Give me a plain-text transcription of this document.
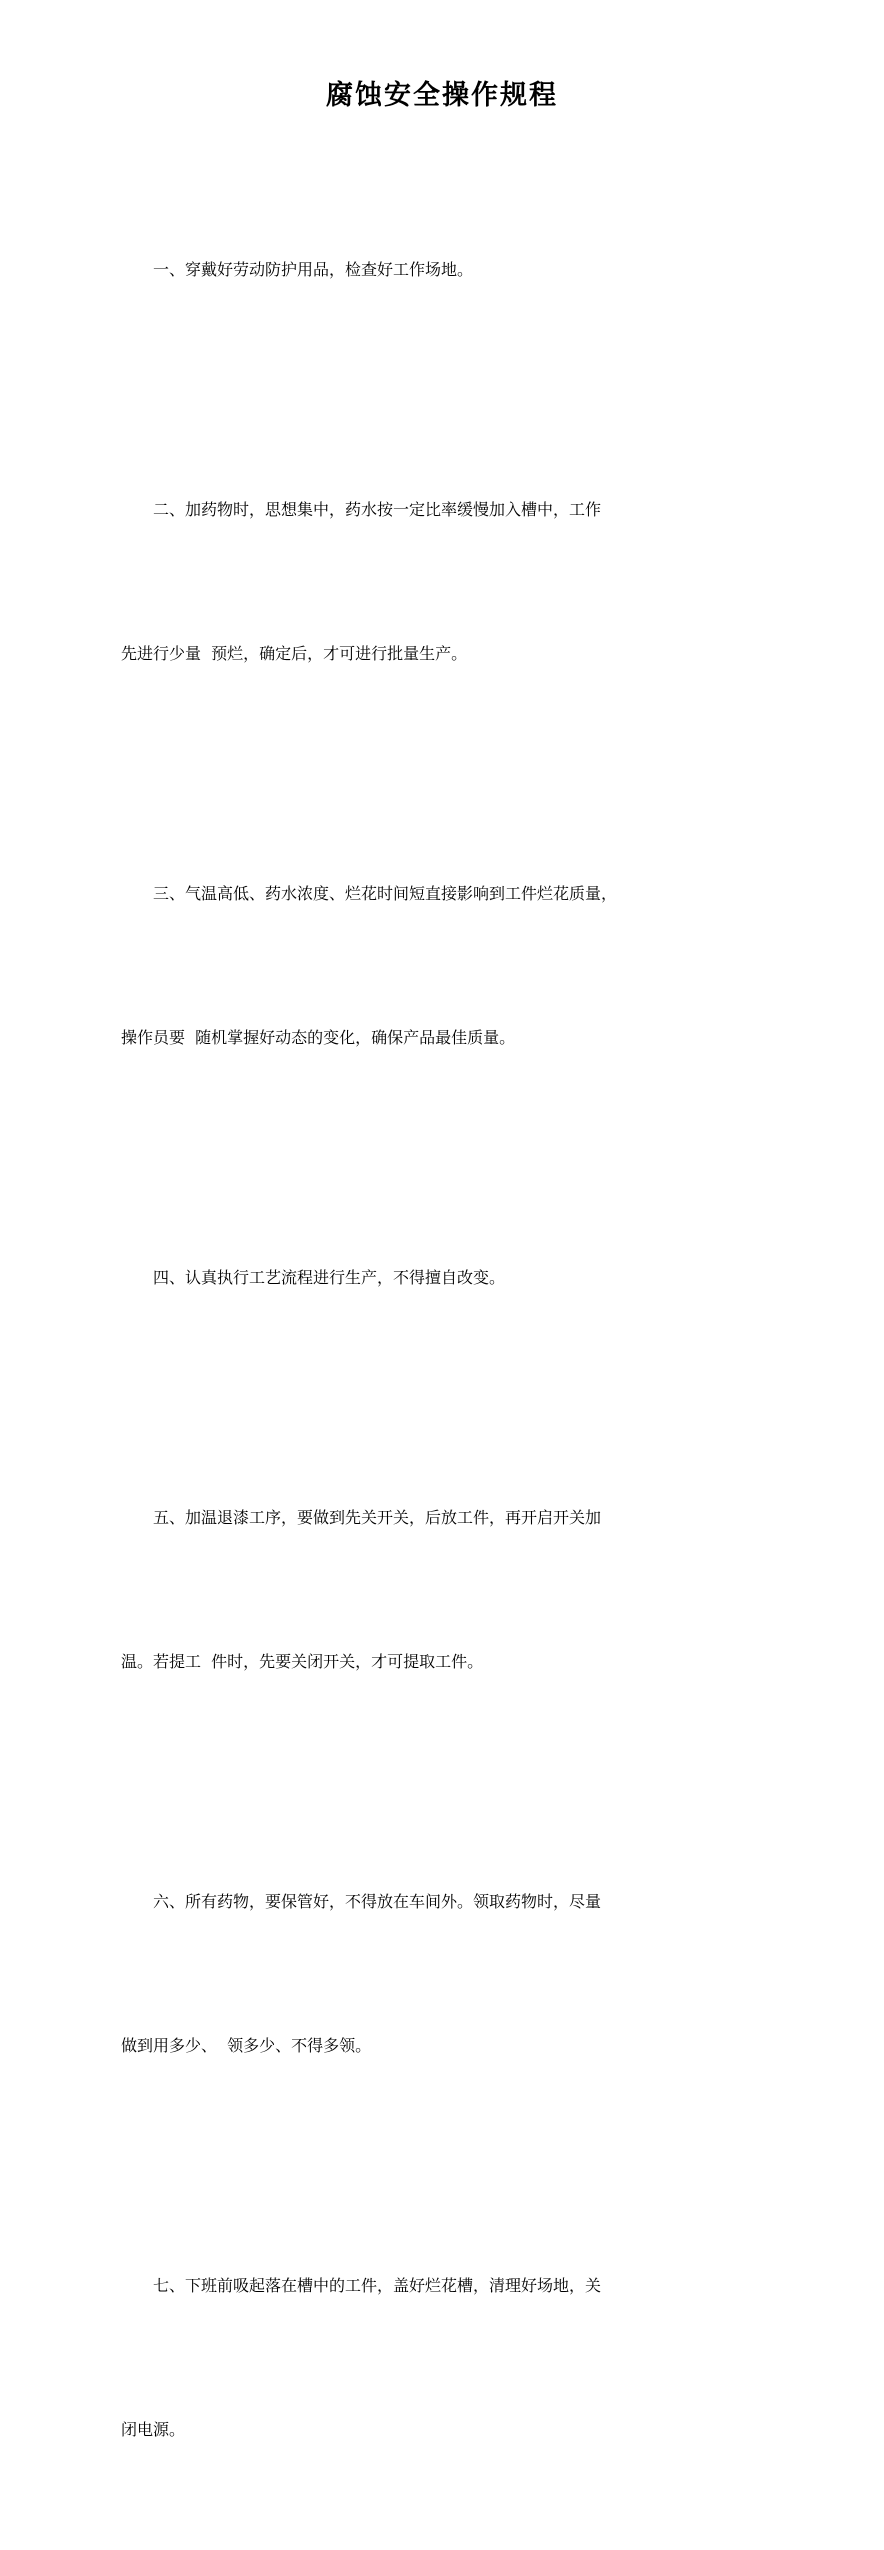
腐蚀安全操作规程

一、穿戴好劳动防护用品，检查好工作场地。

二、加药物时，思想集中，药水按一定比率缓慢加入槽中，工作

先进行少量  预烂，确定后，才可进行批量生产。

三、气温高低、药水浓度、烂花时间短直接影响到工件烂花质量，

操作员要  随机掌握好动态的变化，确保产品最佳质量。

四、认真执行工艺流程进行生产，不得擅自改变。

五、加温退漆工序，要做到先关开关，后放工件，再开启开关加

温。若提工  件时，先要关闭开关，才可提取工件。

六、所有药物，要保管好，不得放在车间外。领取药物时，尽量

做到用多少、  领多少、不得多领。

七、下班前吸起落在槽中的工件，盖好烂花槽，清理好场地，关

闭电源。
